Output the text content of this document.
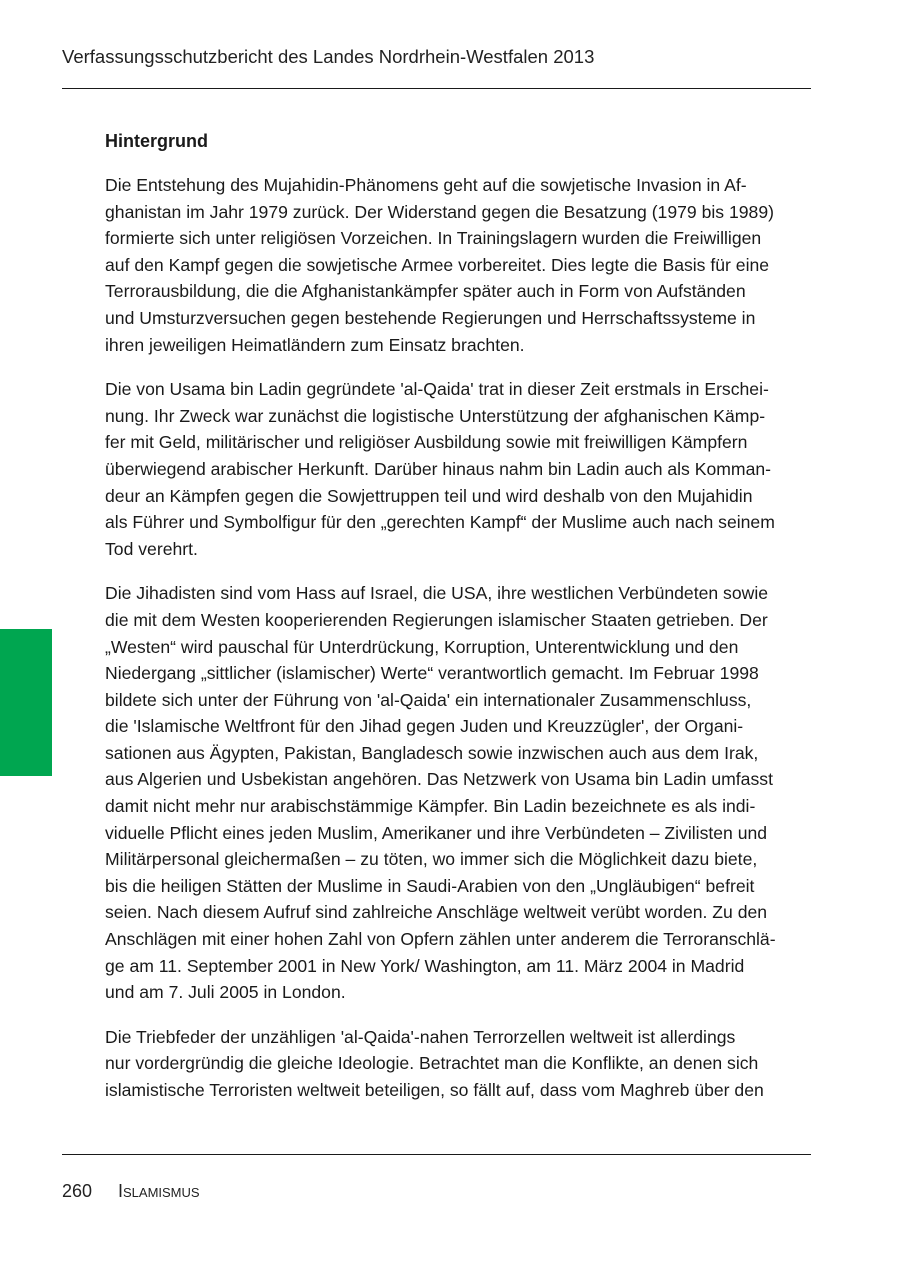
Verfassungsschutzbericht des Landes Nordrhein-Westfalen 2013
Hintergrund
Die Entstehung des Mujahidin-Phänomens geht auf die sowjetische Invasion in Af-
ghanistan im Jahr 1979 zurück. Der Widerstand gegen die Besatzung (1979 bis 1989)
formierte sich unter religiösen Vorzeichen. In Trainingslagern wurden die Freiwilligen
auf den Kampf gegen die sowjetische Armee vorbereitet. Dies legte die Basis für eine
Terrorausbildung, die die Afghanistankämpfer später auch in Form von Aufständen
und Umsturzversuchen gegen bestehende Regierungen und Herrschaftssysteme in
ihren jeweiligen Heimatländern zum Einsatz brachten.
Die von Usama bin Ladin gegründete 'al-Qaida' trat in dieser Zeit erstmals in Erschei-
nung. Ihr Zweck war zunächst die logistische Unterstützung der afghanischen Kämp-
fer mit Geld, militärischer und religiöser Ausbildung sowie mit freiwilligen Kämpfern
überwiegend arabischer Herkunft. Darüber hinaus nahm bin Ladin auch als Komman-
deur an Kämpfen gegen die Sowjettruppen teil und wird deshalb von den Mujahidin
als Führer und Symbolfigur für den „gerechten Kampf“ der Muslime auch nach seinem
Tod verehrt.
Die Jihadisten sind vom Hass auf Israel, die USA, ihre westlichen Verbündeten sowie
die mit dem Westen kooperierenden Regierungen islamischer Staaten getrieben. Der
„Westen“ wird pauschal für Unterdrückung, Korruption, Unterentwicklung und den
Niedergang „sittlicher (islamischer) Werte“ verantwortlich gemacht. Im Februar 1998
bildete sich unter der Führung von 'al-Qaida' ein internationaler Zusammenschluss,
die 'Islamische Weltfront für den Jihad gegen Juden und Kreuzzügler', der Organi-
sationen aus Ägypten, Pakistan, Bangladesch sowie inzwischen auch aus dem Irak,
aus Algerien und Usbekistan angehören. Das Netzwerk von Usama bin Ladin umfasst
damit nicht mehr nur arabischstämmige Kämpfer. Bin Ladin bezeichnete es als indi-
viduelle Pflicht eines jeden Muslim, Amerikaner und ihre Verbündeten – Zivilisten und
Militärpersonal gleichermaßen – zu töten, wo immer sich die Möglichkeit dazu biete,
bis die heiligen Stätten der Muslime in Saudi-Arabien von den „Ungläubigen“ befreit
seien. Nach diesem Aufruf sind zahlreiche Anschläge weltweit verübt worden. Zu den
Anschlägen mit einer hohen Zahl von Opfern zählen unter anderem die Terroranschlä-
ge am 11. September 2001 in New York/ Washington, am 11. März 2004 in Madrid
und am 7. Juli 2005 in London.
Die Triebfeder der unzähligen 'al-Qaida'-nahen Terrorzellen weltweit ist allerdings
nur vordergründig die gleiche Ideologie. Betrachtet man die Konflikte, an denen sich
islamistische Terroristen weltweit beteiligen, so fällt auf, dass vom Maghreb über den
260 Islamismus
